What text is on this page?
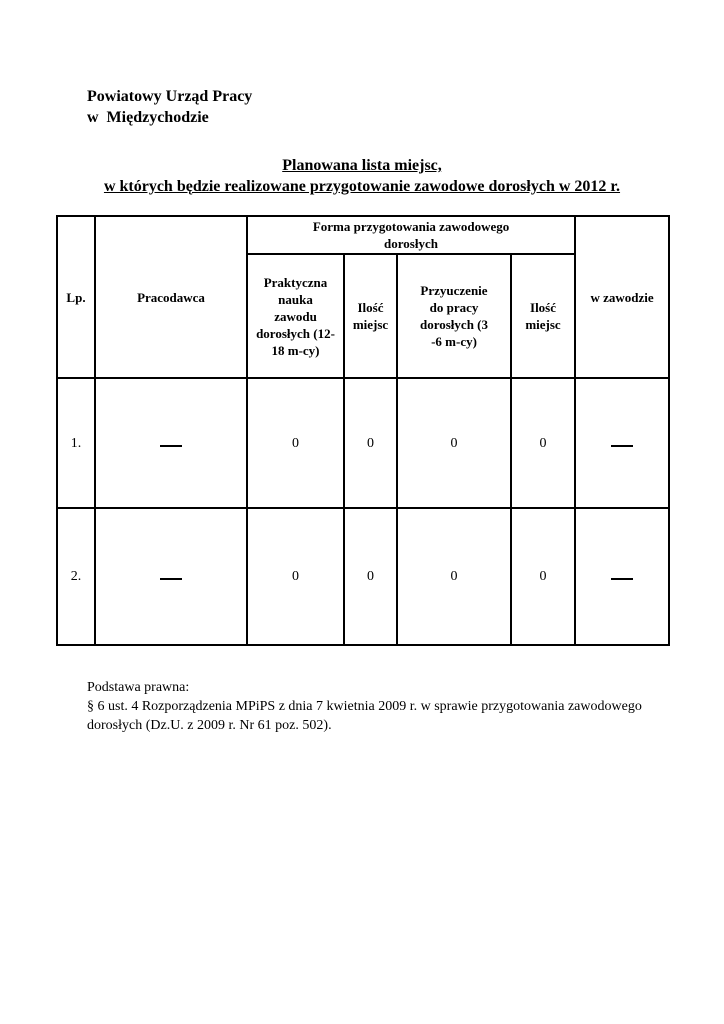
Powiatowy Urząd Pracy
w  Międzychodzie
Planowana lista miejsc,
w których będzie realizowane przygotowanie zawodowe dorosłych w 2012 r.
Lp.	Pracodawca	Forma przygotowania zawodowego dorosłych				w zawodzie
		Praktyczna nauka zawodu dorosłych (12-18 m-cy)	Ilość miejsc	Przyuczenie do pracy dorosłych (3 -6 m-cy)	Ilość miejsc	
1.		0	0	0	0	
2.		0	0	0	0	
Podstawa prawna:
§ 6 ust. 4 Rozporządzenia MPiPS z dnia 7 kwietnia 2009 r. w sprawie przygotowania zawodowego dorosłych (Dz.U. z 2009 r. Nr 61 poz. 502).
